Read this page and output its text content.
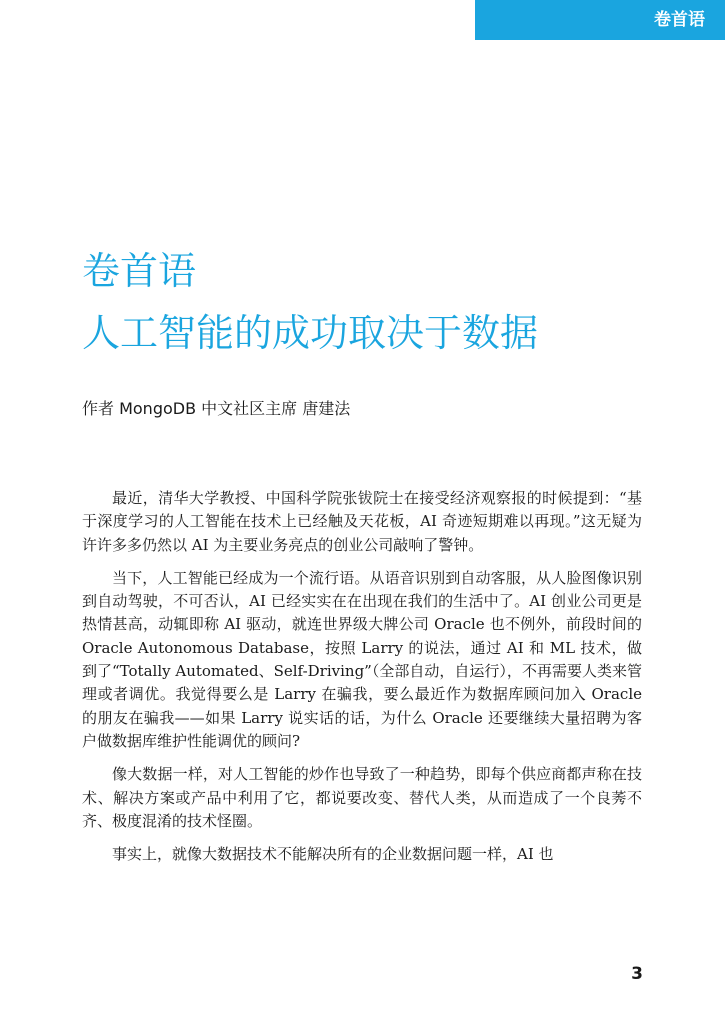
卷首语
卷首语
人工智能的成功取决于数据
作者 MongoDB 中文社区主席 唐建法

最近，清华大学教授、中国科学院张钹院士在接受经济观察报的时候提到：“基于深度学习的人工智能在技术上已经触及天花板，AI 奇迹短期难以再现。”这无疑为许许多多仍然以 AI 为主要业务亮点的创业公司敲响了警钟。

当下，人工智能已经成为一个流行语。从语音识别到自动客服，从人脸图像识别到自动驾驶，不可否认，AI 已经实实在在出现在我们的生活中了。AI 创业公司更是热情甚高，动辄即称 AI 驱动，就连世界级大牌公司 Oracle 也不例外，前段时间的 Oracle Autonomous Database，按照 Larry 的说法，通过 AI 和 ML 技术，做到了“Totally Automated、Self-Driving”（全部自动，自运行），不再需要人类来管理或者调优。我觉得要么是 Larry 在骗我，要么最近作为数据库顾问加入 Oracle 的朋友在骗我——如果 Larry 说实话的话，为什么 Oracle 还要继续大量招聘为客户做数据库维护性能调优的顾问?

像大数据一样，对人工智能的炒作也导致了一种趋势，即每个供应商都声称在技术、解决方案或产品中利用了它，都说要改变、替代人类，从而造成了一个良莠不齐、极度混淆的技术怪圈。

事实上，就像大数据技术不能解决所有的企业数据问题一样，AI 也

3
